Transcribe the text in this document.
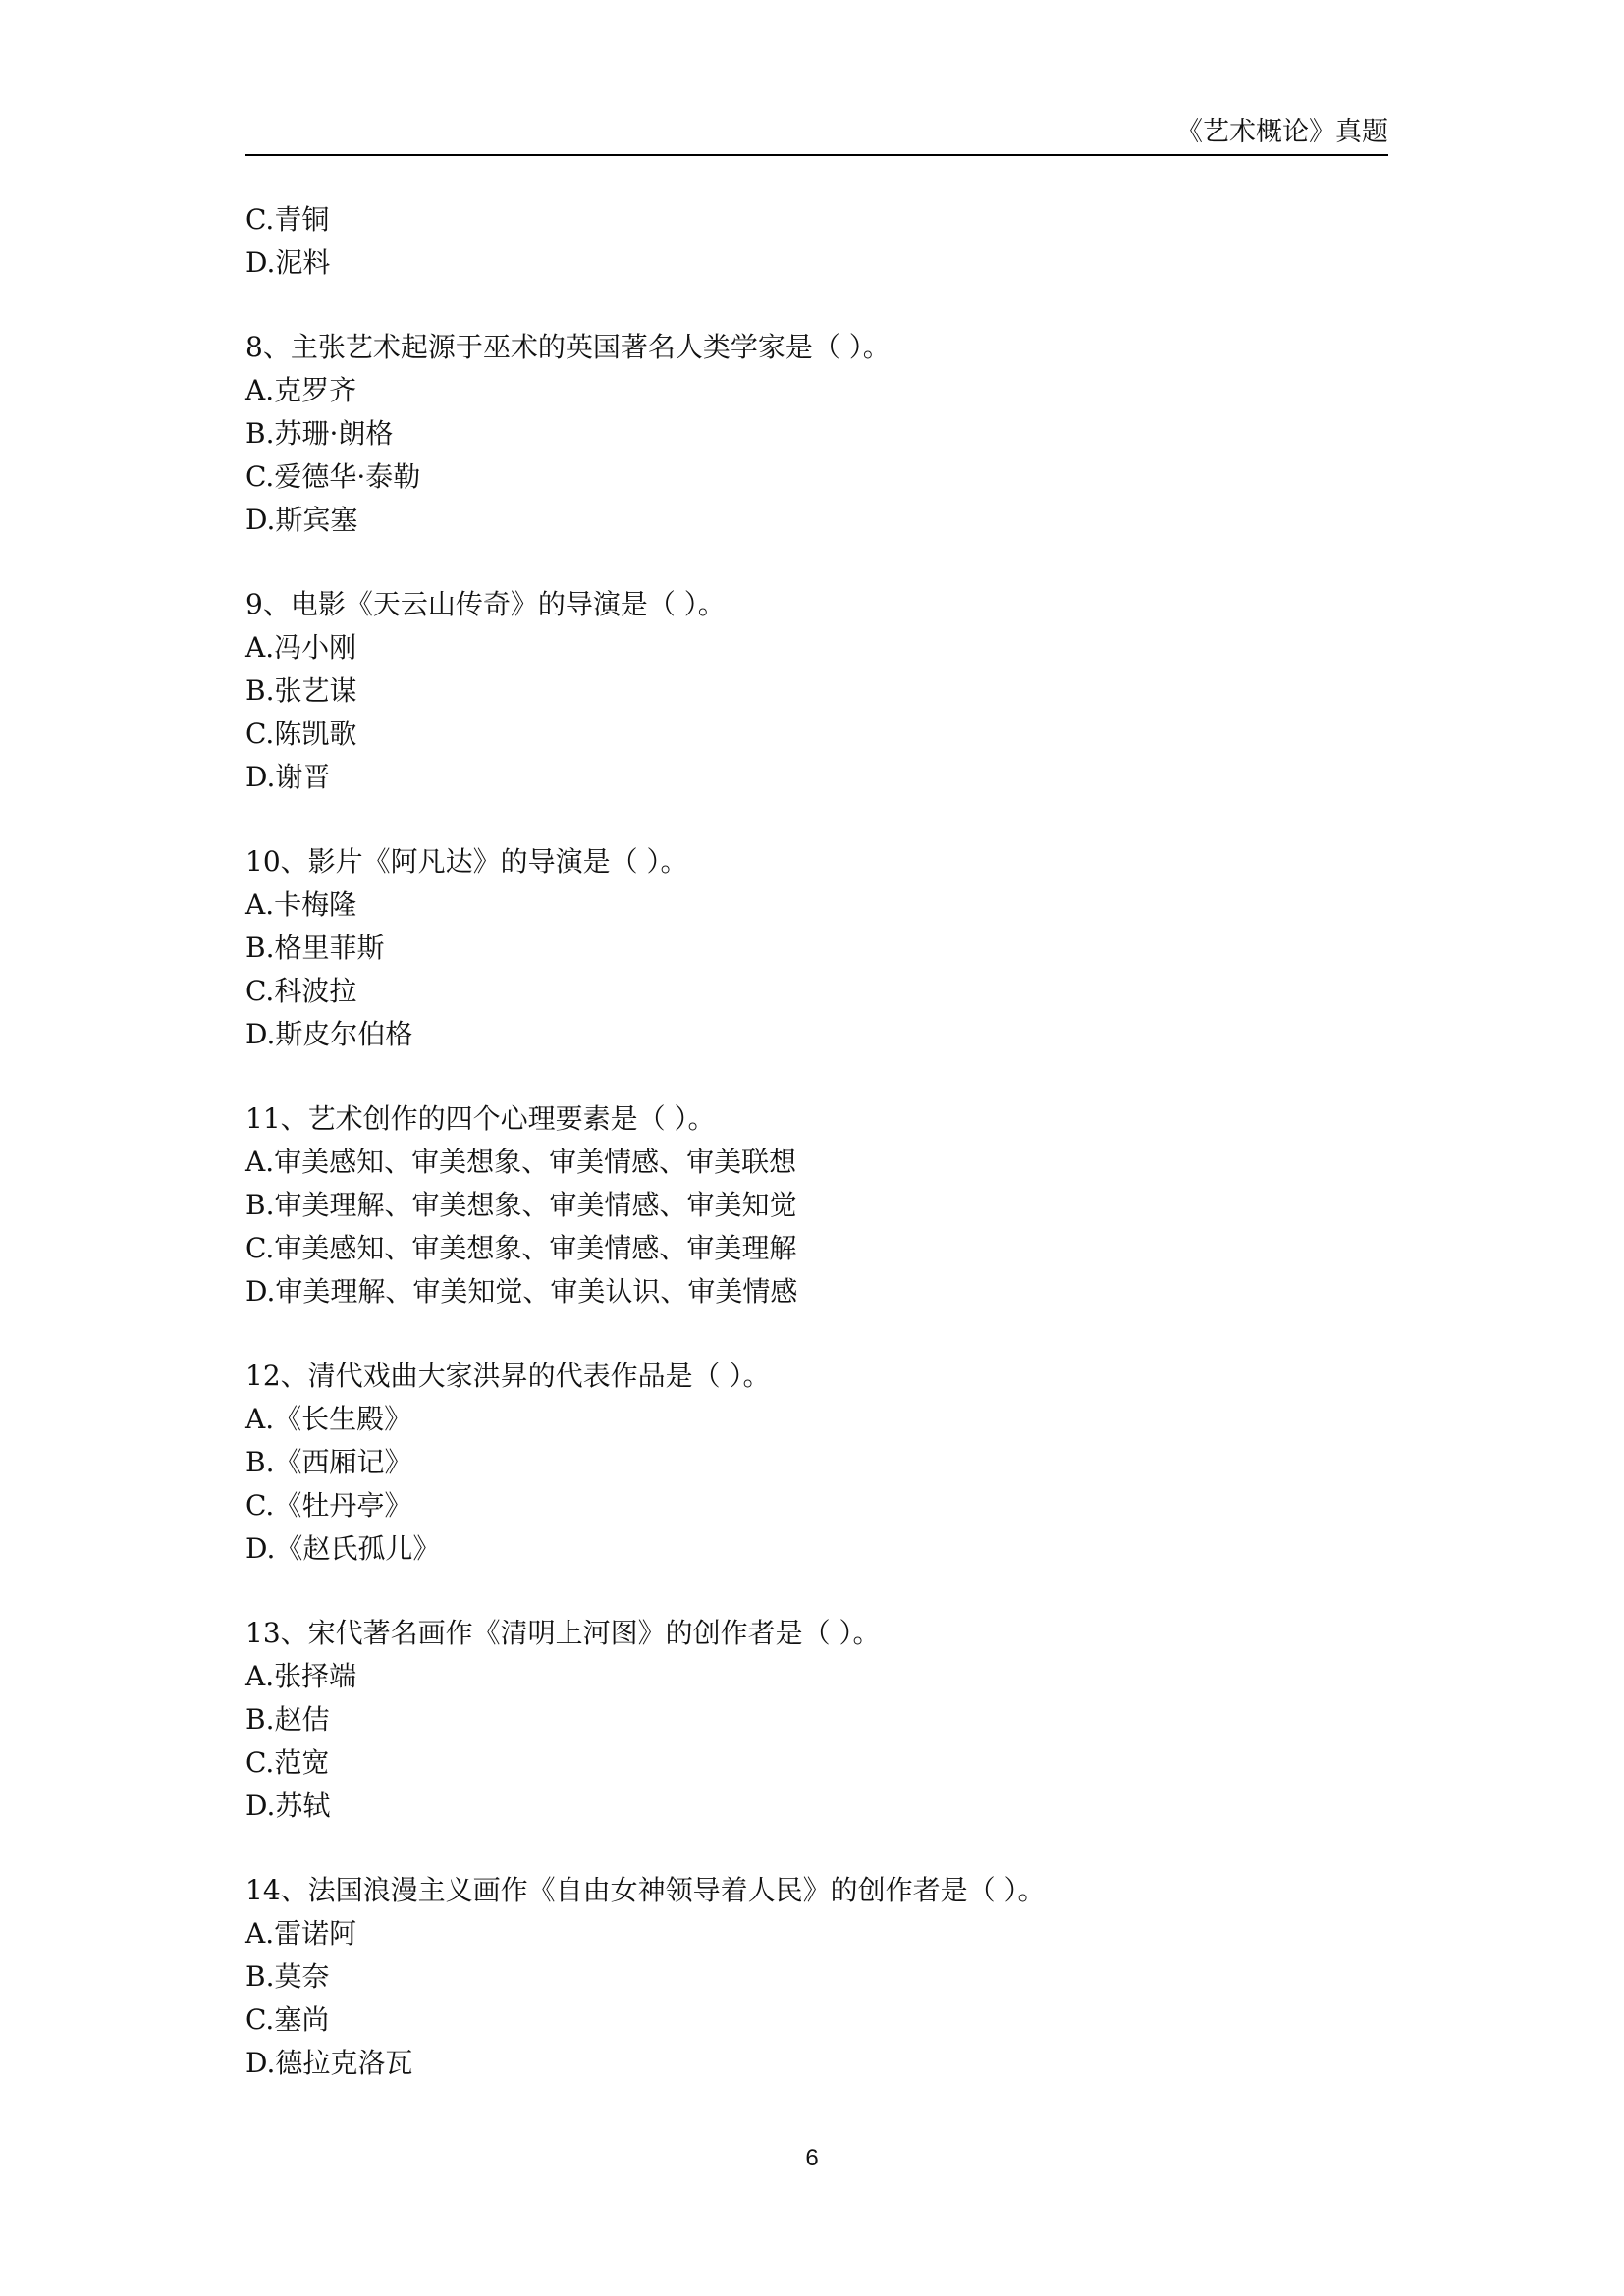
《艺术概论》真题
C.青铜
D.泥料
8、主张艺术起源于巫术的英国著名人类学家是（ ）。
A.克罗齐
B.苏珊·朗格
C.爱德华·泰勒
D.斯宾塞
9、电影《天云山传奇》的导演是（ ）。
A.冯小刚
B.张艺谋
C.陈凯歌
D.谢晋
10、影片《阿凡达》的导演是（ ）。
A.卡梅隆
B.格里菲斯
C.科波拉
D.斯皮尔伯格
11、艺术创作的四个心理要素是（ ）。
A.审美感知、审美想象、审美情感、审美联想
B.审美理解、审美想象、审美情感、审美知觉
C.审美感知、审美想象、审美情感、审美理解
D.审美理解、审美知觉、审美认识、审美情感
12、清代戏曲大家洪昇的代表作品是（ ）。
A.《长生殿》
B.《西厢记》
C.《牡丹亭》
D.《赵氏孤儿》
13、宋代著名画作《清明上河图》的创作者是（ ）。
A.张择端
B.赵佶
C.范宽
D.苏轼
14、法国浪漫主义画作《自由女神领导着人民》的创作者是（ ）。
A.雷诺阿
B.莫奈
C.塞尚
D.德拉克洛瓦
6
